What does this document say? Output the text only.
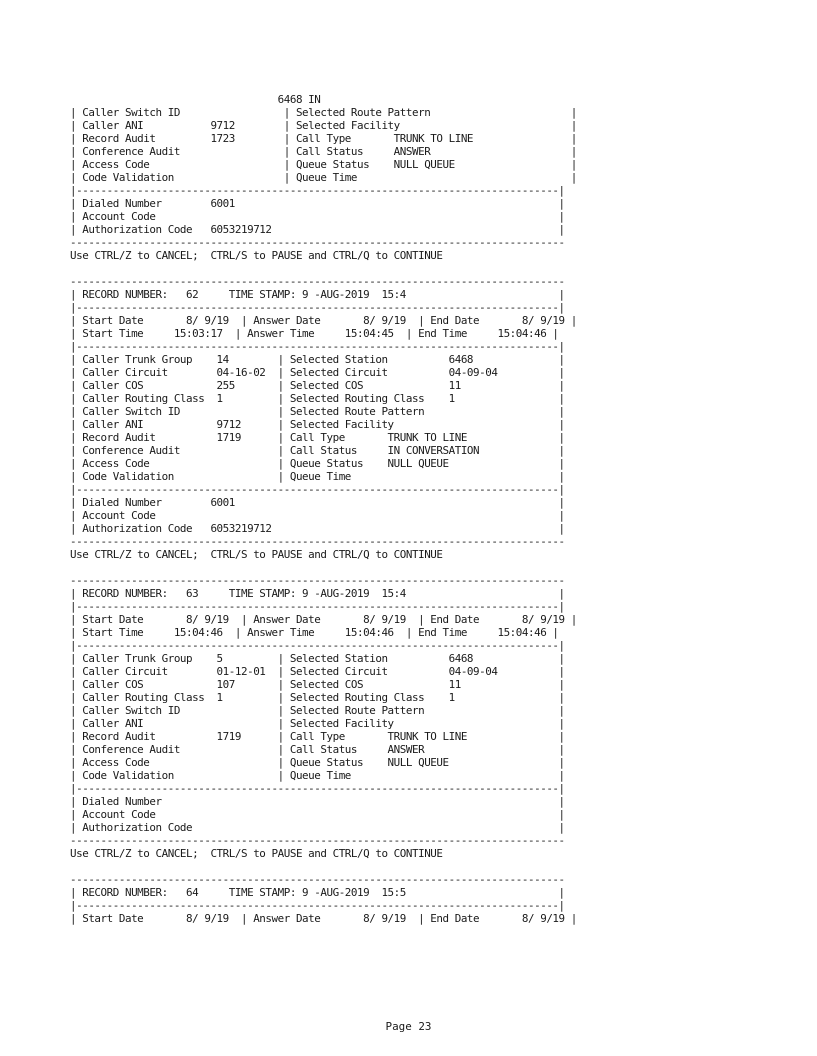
6468 IN
| Caller Switch ID                 | Selected Route Pattern                       |
| Caller ANI           9712        | Selected Facility                            |
| Record Audit         1723        | Call Type       TRUNK TO LINE                |
| Conference Audit                 | Call Status     ANSWER                       |
| Access Code                      | Queue Status    NULL QUEUE                   |
| Code Validation                  | Queue Time                                   |
|-------------------------------------------------------------------------------|
| Dialed Number        6001                                                     |
| Account Code                                                                  |
| Authorization Code   6053219712                                               |
---------------------------------------------------------------------------------
Use CTRL/Z to CANCEL;  CTRL/S to PAUSE and CTRL/Q to CONTINUE
---------------------------------------------------------------------------------
| RECORD NUMBER:   62     TIME STAMP: 9 -AUG-2019  15:4                         |
|-------------------------------------------------------------------------------|
| Start Date       8/ 9/19  | Answer Date       8/ 9/19  | End Date       8/ 9/19 |
| Start Time     15:03:17  | Answer Time     15:04:45  | End Time     15:04:46 |
|-------------------------------------------------------------------------------|
| Caller Trunk Group    14        | Selected Station          6468              |
| Caller Circuit        04-16-02  | Selected Circuit          04-09-04          |
| Caller COS            255       | Selected COS              11                |
| Caller Routing Class  1         | Selected Routing Class    1                 |
| Caller Switch ID                | Selected Route Pattern                      |
| Caller ANI            9712      | Selected Facility                           |
| Record Audit          1719      | Call Type       TRUNK TO LINE               |
| Conference Audit                | Call Status     IN CONVERSATION             |
| Access Code                     | Queue Status    NULL QUEUE                  |
| Code Validation                 | Queue Time                                  |
|-------------------------------------------------------------------------------|
| Dialed Number        6001                                                     |
| Account Code                                                                  |
| Authorization Code   6053219712                                               |
---------------------------------------------------------------------------------
Use CTRL/Z to CANCEL;  CTRL/S to PAUSE and CTRL/Q to CONTINUE
---------------------------------------------------------------------------------
| RECORD NUMBER:   63     TIME STAMP: 9 -AUG-2019  15:4                         |
|-------------------------------------------------------------------------------|
| Start Date       8/ 9/19  | Answer Date       8/ 9/19  | End Date       8/ 9/19 |
| Start Time     15:04:46  | Answer Time     15:04:46  | End Time     15:04:46 |
|-------------------------------------------------------------------------------|
| Caller Trunk Group    5         | Selected Station          6468              |
| Caller Circuit        01-12-01  | Selected Circuit          04-09-04          |
| Caller COS            107       | Selected COS              11                |
| Caller Routing Class  1         | Selected Routing Class    1                 |
| Caller Switch ID                | Selected Route Pattern                      |
| Caller ANI                      | Selected Facility                           |
| Record Audit          1719      | Call Type       TRUNK TO LINE               |
| Conference Audit                | Call Status     ANSWER                      |
| Access Code                     | Queue Status    NULL QUEUE                  |
| Code Validation                 | Queue Time                                  |
|-------------------------------------------------------------------------------|
| Dialed Number                                                                 |
| Account Code                                                                  |
| Authorization Code                                                            |
---------------------------------------------------------------------------------
Use CTRL/Z to CANCEL;  CTRL/S to PAUSE and CTRL/Q to CONTINUE
---------------------------------------------------------------------------------
| RECORD NUMBER:   64     TIME STAMP: 9 -AUG-2019  15:5                         |
|-------------------------------------------------------------------------------|
| Start Date       8/ 9/19  | Answer Date       8/ 9/19  | End Date       8/ 9/19 |
Page 23
